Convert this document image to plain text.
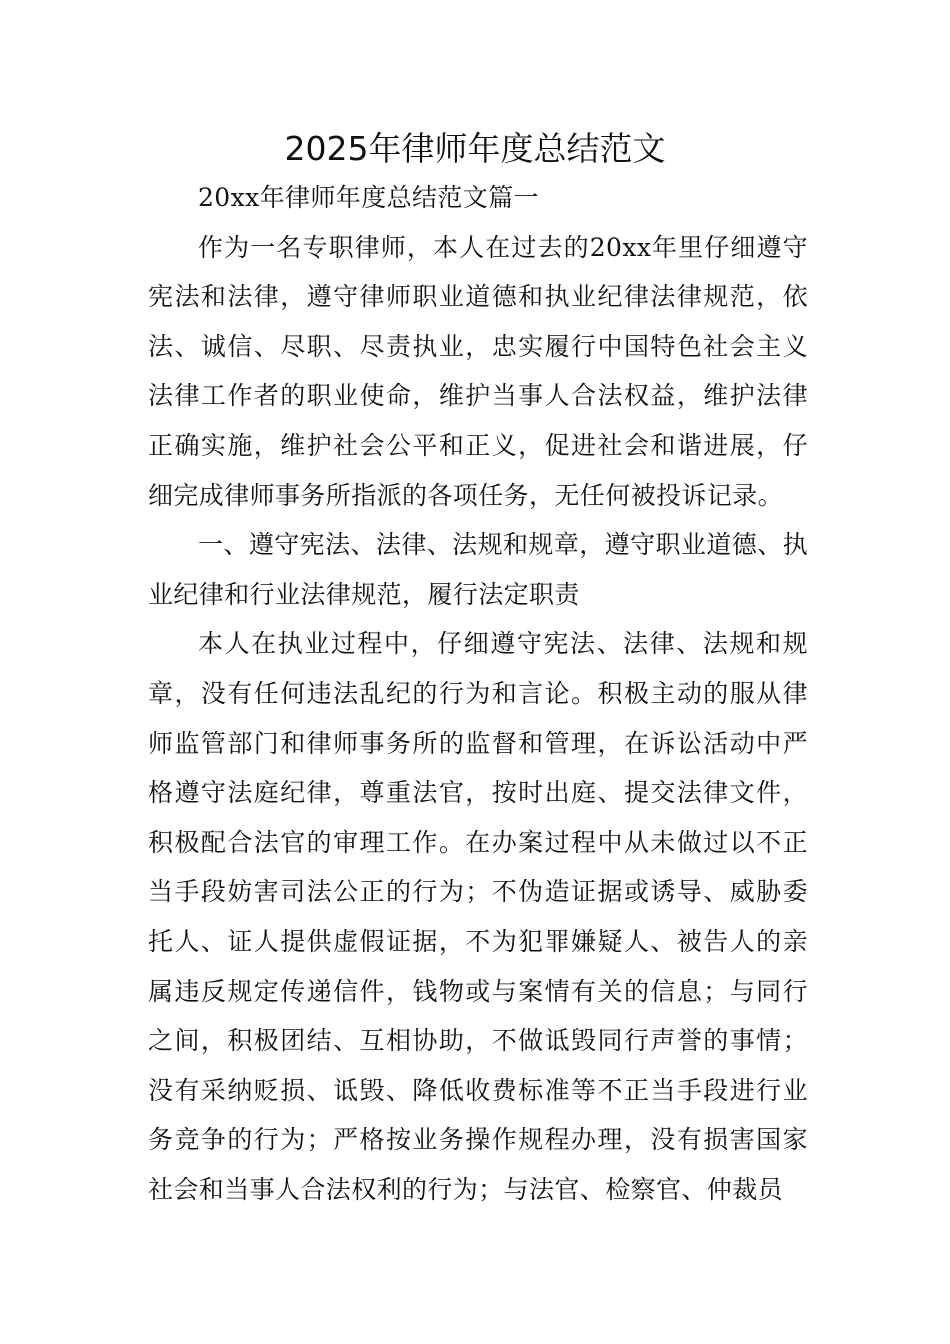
2025年律师年度总结范文

20xx年律师年度总结范文篇一

作为一名专职律师，本人在过去的20xx年里仔细遵守宪法和法律，遵守律师职业道德和执业纪律法律规范，依法、诚信、尽职、尽责执业，忠实履行中国特色社会主义法律工作者的职业使命，维护当事人合法权益，维护法律正确实施，维护社会公平和正义，促进社会和谐进展，仔细完成律师事务所指派的各项任务，无任何被投诉记录。

一、遵守宪法、法律、法规和规章，遵守职业道德、执业纪律和行业法律规范，履行法定职责

本人在执业过程中，仔细遵守宪法、法律、法规和规章，没有任何违法乱纪的行为和言论。积极主动的服从律师监管部门和律师事务所的监督和管理，在诉讼活动中严格遵守法庭纪律，尊重法官，按时出庭、提交法律文件，积极配合法官的审理工作。在办案过程中从未做过以不正当手段妨害司法公正的行为；不伪造证据或诱导、威胁委托人、证人提供虚假证据，不为犯罪嫌疑人、被告人的亲属违反规定传递信件，钱物或与案情有关的信息；与同行之间，积极团结、互相协助，不做诋毁同行声誉的事情；没有采纳贬损、诋毁、降低收费标准等不正当手段进行业务竞争的行为；严格按业务操作规程办理，没有损害国家社会和当事人合法权利的行为；与法官、检察官、仲裁员
